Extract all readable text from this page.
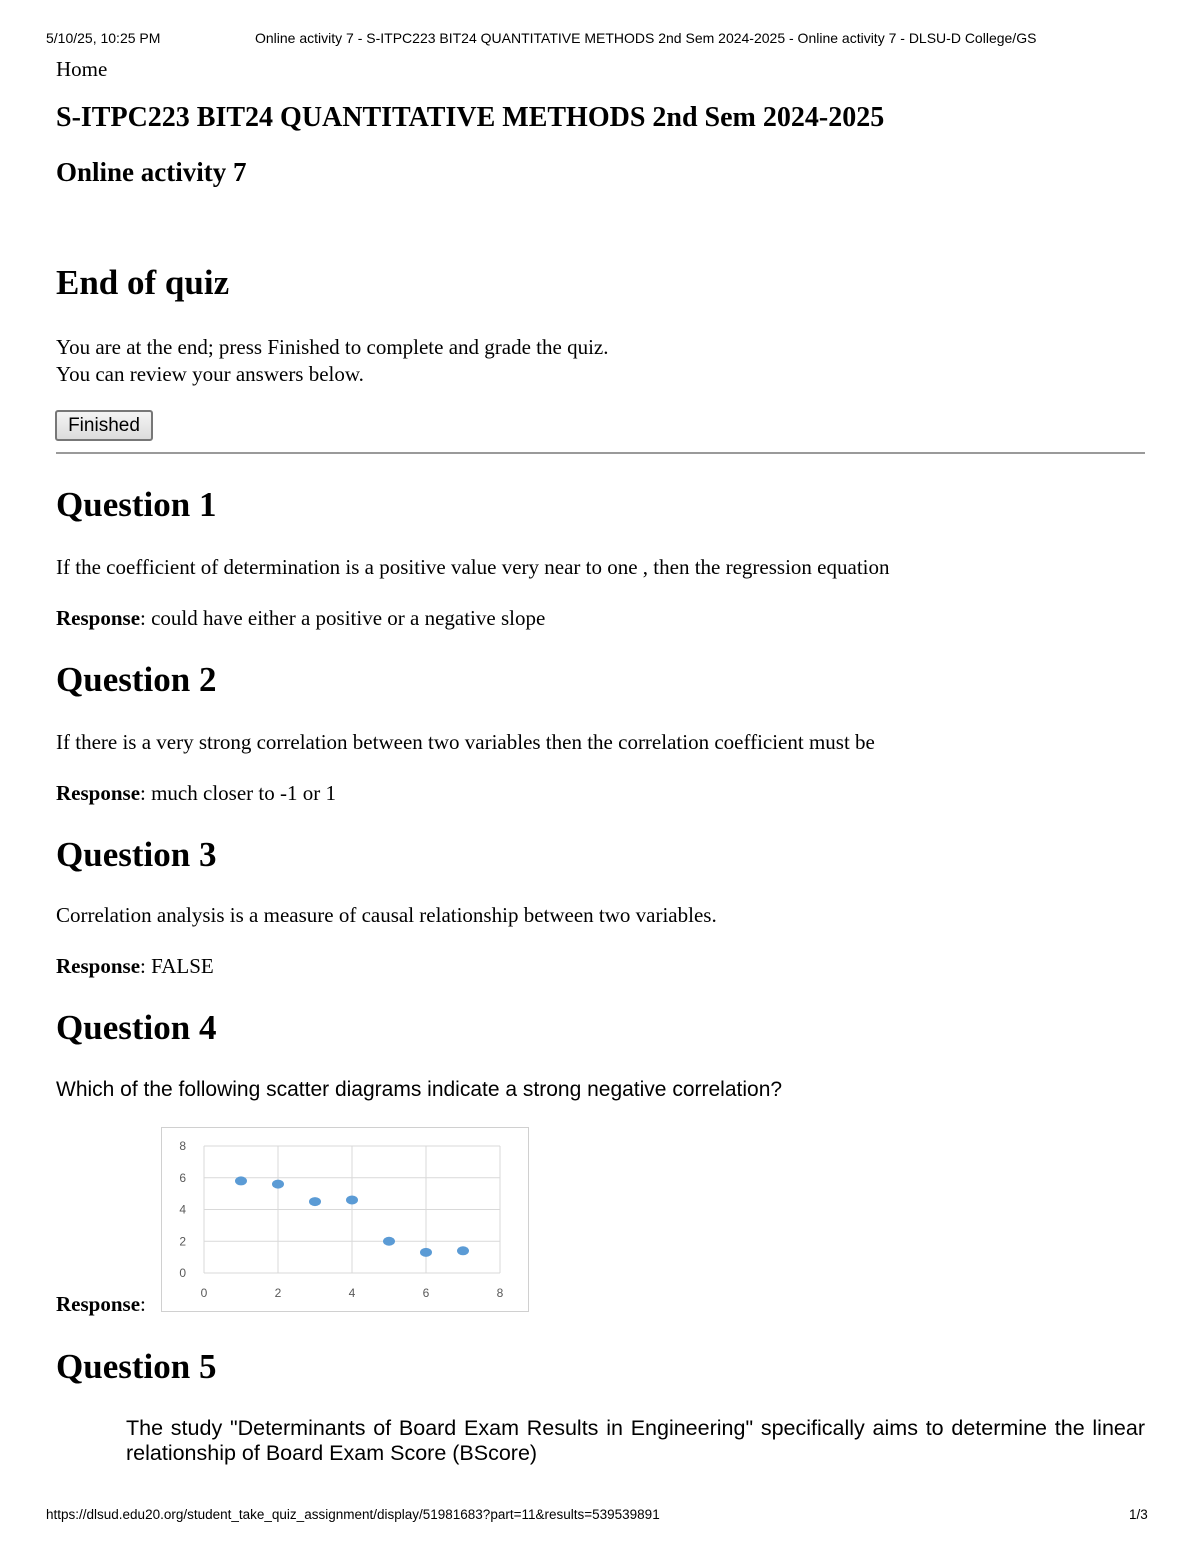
5/10/25, 10:25 PM	Online activity 7 - S-ITPC223 BIT24 QUANTITATIVE METHODS 2nd Sem 2024-2025 - Online activity 7 - DLSU-D College/GS
Home
S-ITPC223 BIT24 QUANTITATIVE METHODS 2nd Sem 2024-2025
Online activity 7
End of quiz
You are at the end; press Finished to complete and grade the quiz.
You can review your answers below.
Finished
Question 1
If the coefficient of determination is a positive value very near to one , then the regression equation
Response: could have either a positive or a negative slope
Question 2
If there is a very strong correlation between two variables then the correlation coefficient must be
Response: much closer to -1 or 1
Question 3
Correlation analysis is a measure of causal relationship between two variables.
Response: FALSE
Question 4
Which of the following scatter diagrams indicate a strong negative correlation?
Response:
0
2
4
6
8
0	2	4	6	8
Question 5
The study "Determinants of Board Exam Results in Engineering" specifically aims to determine the linear relationship of Board Exam Score (BScore)
https://dlsud.edu20.org/student_take_quiz_assignment/display/51981683?part=11&results=539539891	1/3
